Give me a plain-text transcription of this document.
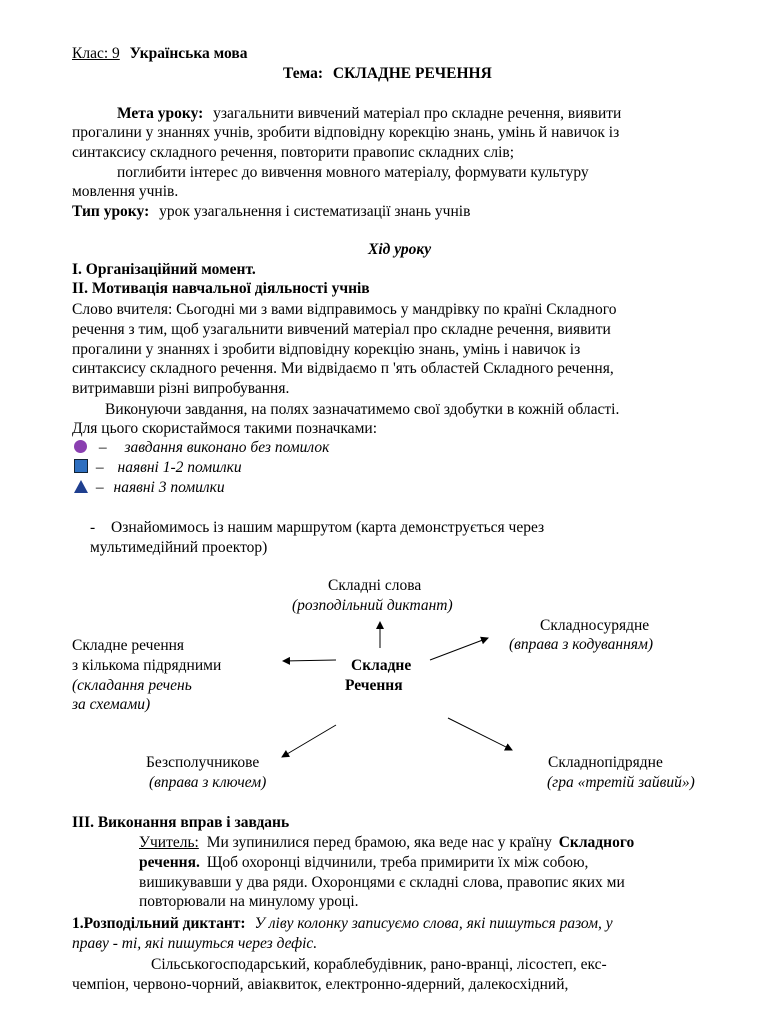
Клас: 9 Українська мова
Тема: СКЛАДНЕ РЕЧЕННЯ
Мета уроку: узагальнити вивчений матеріал про складне речення, виявити
прогалини у знаннях учнів, зробити відповідну корекцію знань, умінь й навичок із
синтаксису складного речення, повторити правопис складних слів;
поглибити інтерес до вивчення мовного матеріалу, формувати культуру
мовлення учнів.
Тип уроку: урок узагальнення і систематизації знань учнів
Хід уроку
І. Організаційний момент.
ІІ. Мотивація навчальної діяльності учнів
Слово вчителя: Сьогодні ми з вами відправимось у мандрівку по країні Складного
речення з тим, щоб узагальнити вивчений матеріал про складне речення, виявити
прогалини у знаннях і зробити відповідну корекцію знань, умінь і навичок із
синтаксису складного речення. Ми відвідаємо п 'ять областей Складного речення,
витримавши різні випробування.
Виконуючи завдання, на полях зазначатимемо свої здобутки в кожній області.
Для цього скористаймося такими позначками:
– завдання виконано без помилок
– наявні 1-2 помилки
– наявні 3 помилки
- Ознайомимось із нашим маршрутом (карта демонструється через
мультимедійний проектор)
Складне
Речення
Складні слова
(розподільний диктант)
Складносурядне
(вправа з кодуванням)
Складне речення
з кількома підрядними
(складання речень
за схемами)
Безсполучникове
(вправа з ключем)
Складнопідрядне
(гра «третій зайвий»)
ІІІ. Виконання вправ і завдань
Учитель: Ми зупинилися перед брамою, яка веде нас у країну Складного
речення. Щоб охоронці відчинили, треба примирити їх між собою,
вишикувавши у два ряди. Охоронцями є складні слова, правопис яких ми
повторювали на минулому уроці.
1.Розподільний диктант: У ліву колонку записуємо слова, які пишуться разом, у
праву - ті, які пишуться через дефіс.
Сільськогосподарський, кораблебудівник, рано-вранці, лісостеп, екс-
чемпіон, червоно-чорний, авіаквиток, електронно-ядерний, далекосхідний,
